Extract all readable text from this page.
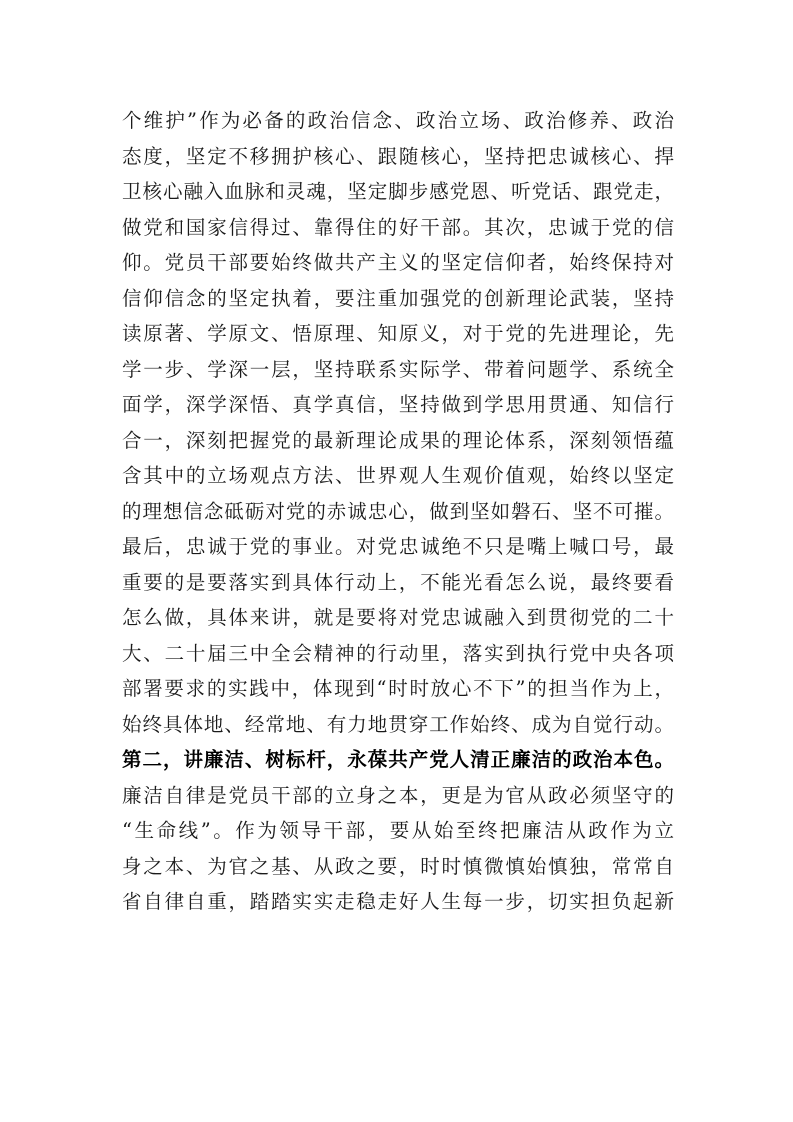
个维护”作为必备的政治信念、政治立场、政治修养、政治
态度，坚定不移拥护核心、跟随核心，坚持把忠诚核心、捍
卫核心融入血脉和灵魂，坚定脚步感党恩、听党话、跟党走，
做党和国家信得过、靠得住的好干部。其次，忠诚于党的信
仰。党员干部要始终做共产主义的坚定信仰者，始终保持对
信仰信念的坚定执着，要注重加强党的创新理论武装，坚持
读原著、学原文、悟原理、知原义，对于党的先进理论，先
学一步、学深一层，坚持联系实际学、带着问题学、系统全
面学，深学深悟、真学真信，坚持做到学思用贯通、知信行
合一，深刻把握党的最新理论成果的理论体系，深刻领悟蕴
含其中的立场观点方法、世界观人生观价值观，始终以坚定
的理想信念砥砺对党的赤诚忠心，做到坚如磐石、坚不可摧。
最后，忠诚于党的事业。对党忠诚绝不只是嘴上喊口号，最
重要的是要落实到具体行动上，不能光看怎么说，最终要看
怎么做，具体来讲，就是要将对党忠诚融入到贯彻党的二十
大、二十届三中全会精神的行动里，落实到执行党中央各项
部署要求的实践中，体现到“时时放心不下”的担当作为上，
始终具体地、经常地、有力地贯穿工作始终、成为自觉行动。
第二，讲廉洁、树标杆，永葆共产党人清正廉洁的政治本色。
廉洁自律是党员干部的立身之本，更是为官从政必须坚守的
“生命线”。作为领导干部，要从始至终把廉洁从政作为立
身之本、为官之基、从政之要，时时慎微慎始慎独，常常自
省自律自重，踏踏实实走稳走好人生每一步，切实担负起新
